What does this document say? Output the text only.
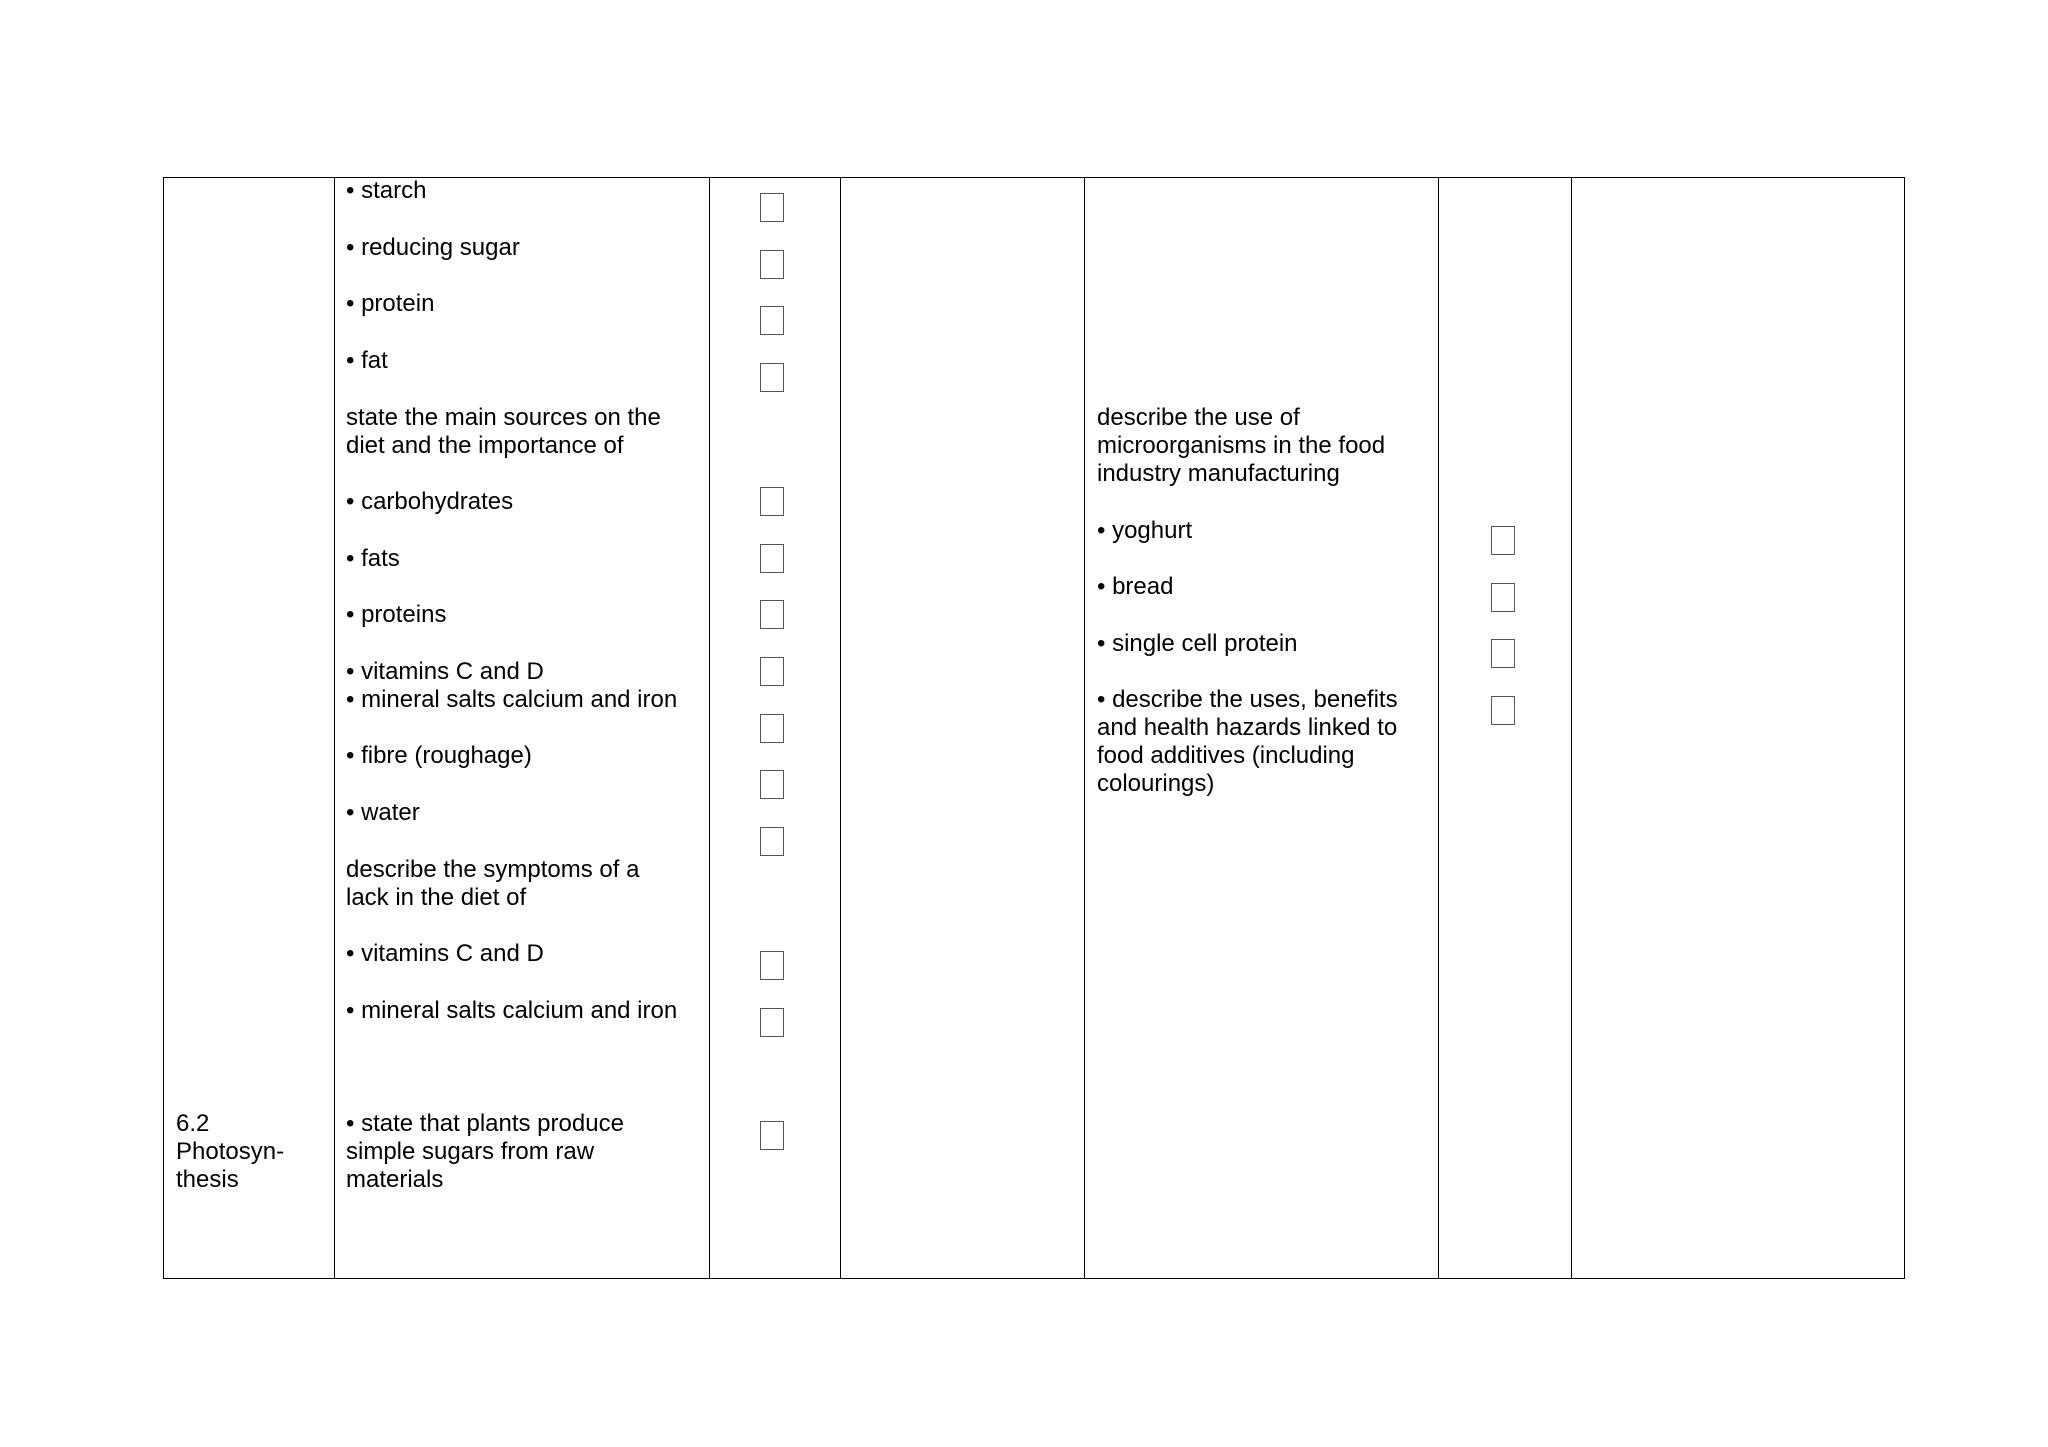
6.2
Photosyn-
thesis
• starch
• reducing sugar
• protein
• fat
state the main sources on the
diet and the importance of
• carbohydrates
• fats
• proteins
• vitamins C and D
• mineral salts calcium and iron
• fibre (roughage)
• water
describe the symptoms of a
lack in the diet of
• vitamins C and D
• mineral salts calcium and iron
• state that plants produce
simple sugars from raw
materials
describe the use of
microorganisms in the food
industry manufacturing
• yoghurt
• bread
• single cell protein
• describe the uses, benefits
and health hazards linked to
food additives (including
colourings)
